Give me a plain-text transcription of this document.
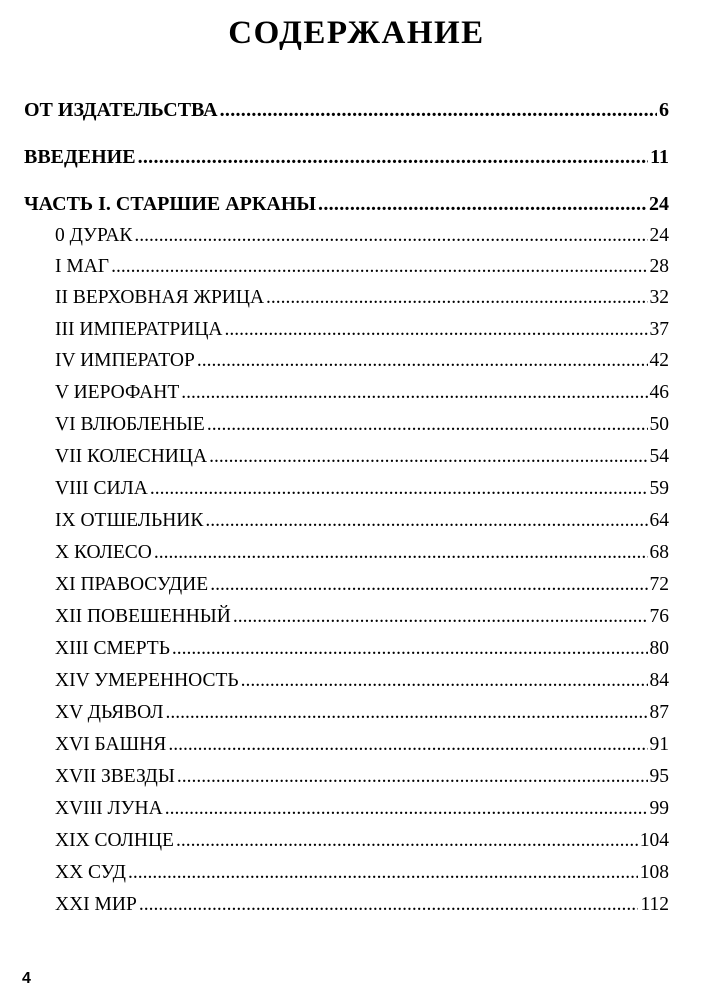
СОДЕРЖАНИЕ
ОТ ИЗДАТЕЛЬСТВА .....	6
ВВЕДЕНИЕ .....	11
ЧАСТЬ I. СТАРШИЕ АРКАНЫ .....	24
0 ДУРАК .....	24
I МАГ .....	28
II ВЕРХОВНАЯ ЖРИЦА .....	32
III ИМПЕРАТРИЦА .....	37
IV ИМПЕРАТОР .....	42
V ИЕРОФАНТ .....	46
VI ВЛЮБЛЕНЫЕ .....	50
VII КОЛЕСНИЦА .....	54
VIII СИЛА .....	59
IX ОТШЕЛЬНИК .....	64
X КОЛЕСО .....	68
XI ПРАВОСУДИЕ .....	72
XII ПОВЕШЕННЫЙ .....	76
XIII СМЕРТЬ .....	80
XIV УМЕРЕННОСТЬ .....	84
XV ДЬЯВОЛ .....	87
XVI БАШНЯ .....	91
XVII ЗВЕЗДЫ .....	95
XVIII ЛУНА .....	99
XIX СОЛНЦЕ .....	104
XX СУД .....	108
XXI МИР .....	112
4
